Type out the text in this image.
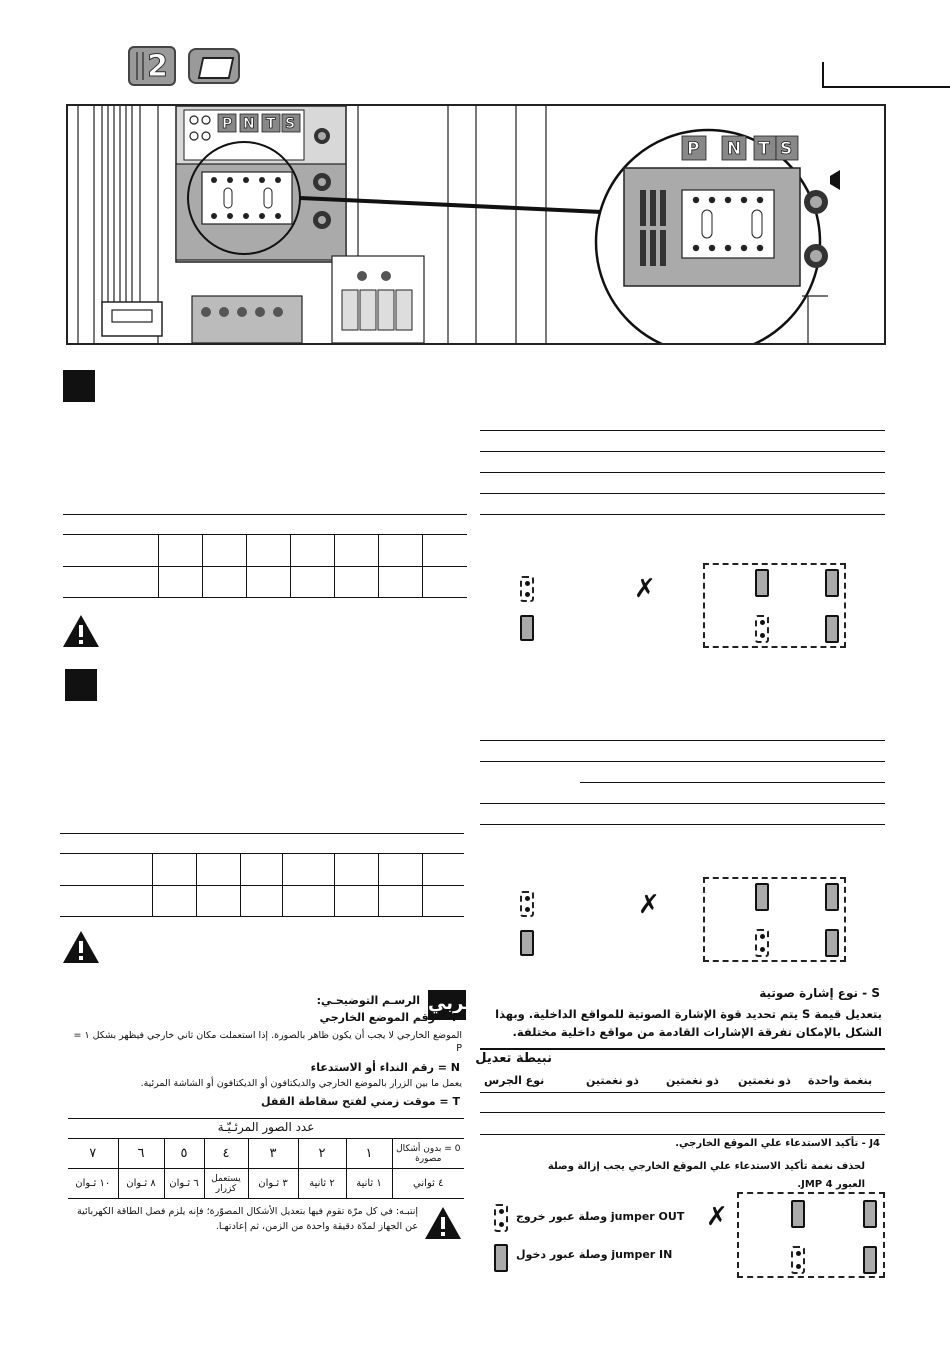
2
P N T S
P N T S
✗
✗
عربي
الرسـم التوضيحـي:
P = رقم الموضع الخارجي
الموضع الخارجي لا يجب أن يكون ظاهر بالصورة. إذا استعملت مكان ثاني خارجي فيظهر بشكل ١ = P
N = رقم النداء أو الاستدعاء
يعمل ما بين الزرار بالموضع الخارجي والديكتافون أو الديكتافون أو الشاشة المرئية.
T = موقت زمني لفتح سقاطة القفل
عدد الصور المرئـيّـة
٧	٦	٥	٤	٣	٢	١	0 = بدون أشكال مصورة
١٠ ثـوان	٨ ثـوان	٦ ثـوان	يستعمل كزرار	٣ ثـوان	٢ ثانية	١ ثانية	٤ ثواني
إنتبـه: في كل مرّة تقوم فيها بتعديل الأشكال المصوّرة؛ فإنه يلزم فصل الطاقة الكهربائية عن الجهاز لمدّة دقيقة واحدة من الزمن، ثم إعادتهـا.
S - نوع إشارة صوتية
بتعديل قيمة S يتم تحديد قوة الإشارة الصوتية للمواقع الداخلية. وبهذا الشكل بالإمكان تفرقة الإشارات القادمة من مواقع داخلية مختلفة.
نبيطة تعديل
نوع الجرس	ذو نغمتين ذو نغمتين ذو نغمتين بنغمة واحدة
J4 - تأكيد الاستدعاء علي الموقع الخارجي.
لحذف نغمة تأكيد الاستدعاء علي الموقع الخارجي يجب إزالة وصلة العبور JMP 4.
jumper OUT وصلة عبور خروج ✗
jumper IN وصلة عبور دخول
